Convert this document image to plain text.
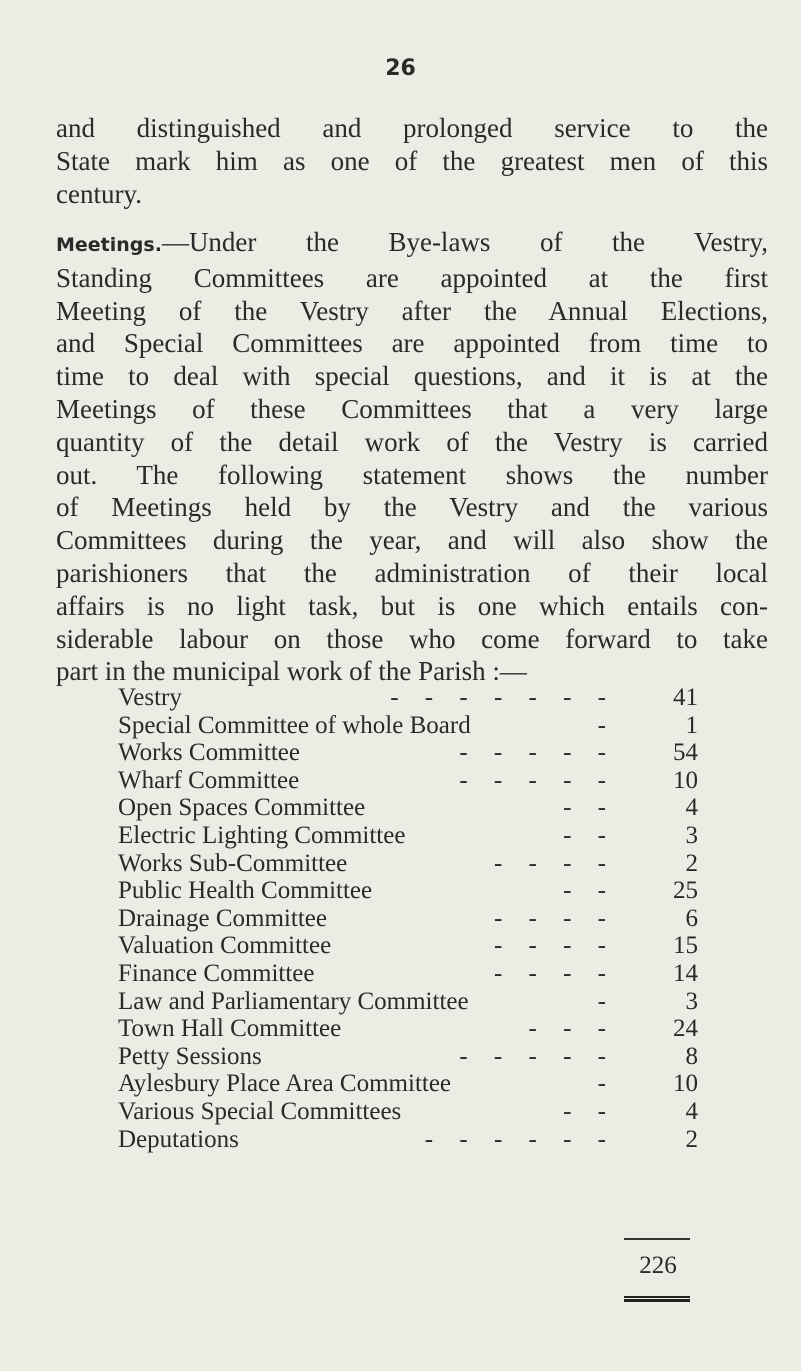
26
and distinguished and prolonged service to the
State mark him as one of the greatest men of this
century.
Meetings.—Under the Bye-laws of the Vestry,
Standing Committees are appointed at the first
Meeting of the Vestry after the Annual Elections,
and Special Committees are appointed from time to
time to deal with special questions, and it is at the
Meetings of these Committees that a very large
quantity of the detail work of the Vestry is carried
out. The following statement shows the number
of Meetings held by the Vestry and the various
Committees during the year, and will also show the
parishioners that the administration of their local
affairs is no light task, but is one which entails con-
siderable labour on those who come forward to take
part in the municipal work of the Parish :—
Vestry	- - - - - - -	41
Special Committee of whole Board	-	1
Works Committee	- - - - -	54
Wharf Committee	- - - - -	10
Open Spaces Committee	- -	4
Electric Lighting Committee	- -	3
Works Sub-Committee	- - - -	2
Public Health Committee	- -	25
Drainage Committee	- - - -	6
Valuation Committee	- - - -	15
Finance Committee	- - - -	14
Law and Parliamentary Committee	-	3
Town Hall Committee	- - -	24
Petty Sessions	- - - - -	8
Aylesbury Place Area Committee	-	10
Various Special Committees	- -	4
Deputations	- - - - - -	2
226
